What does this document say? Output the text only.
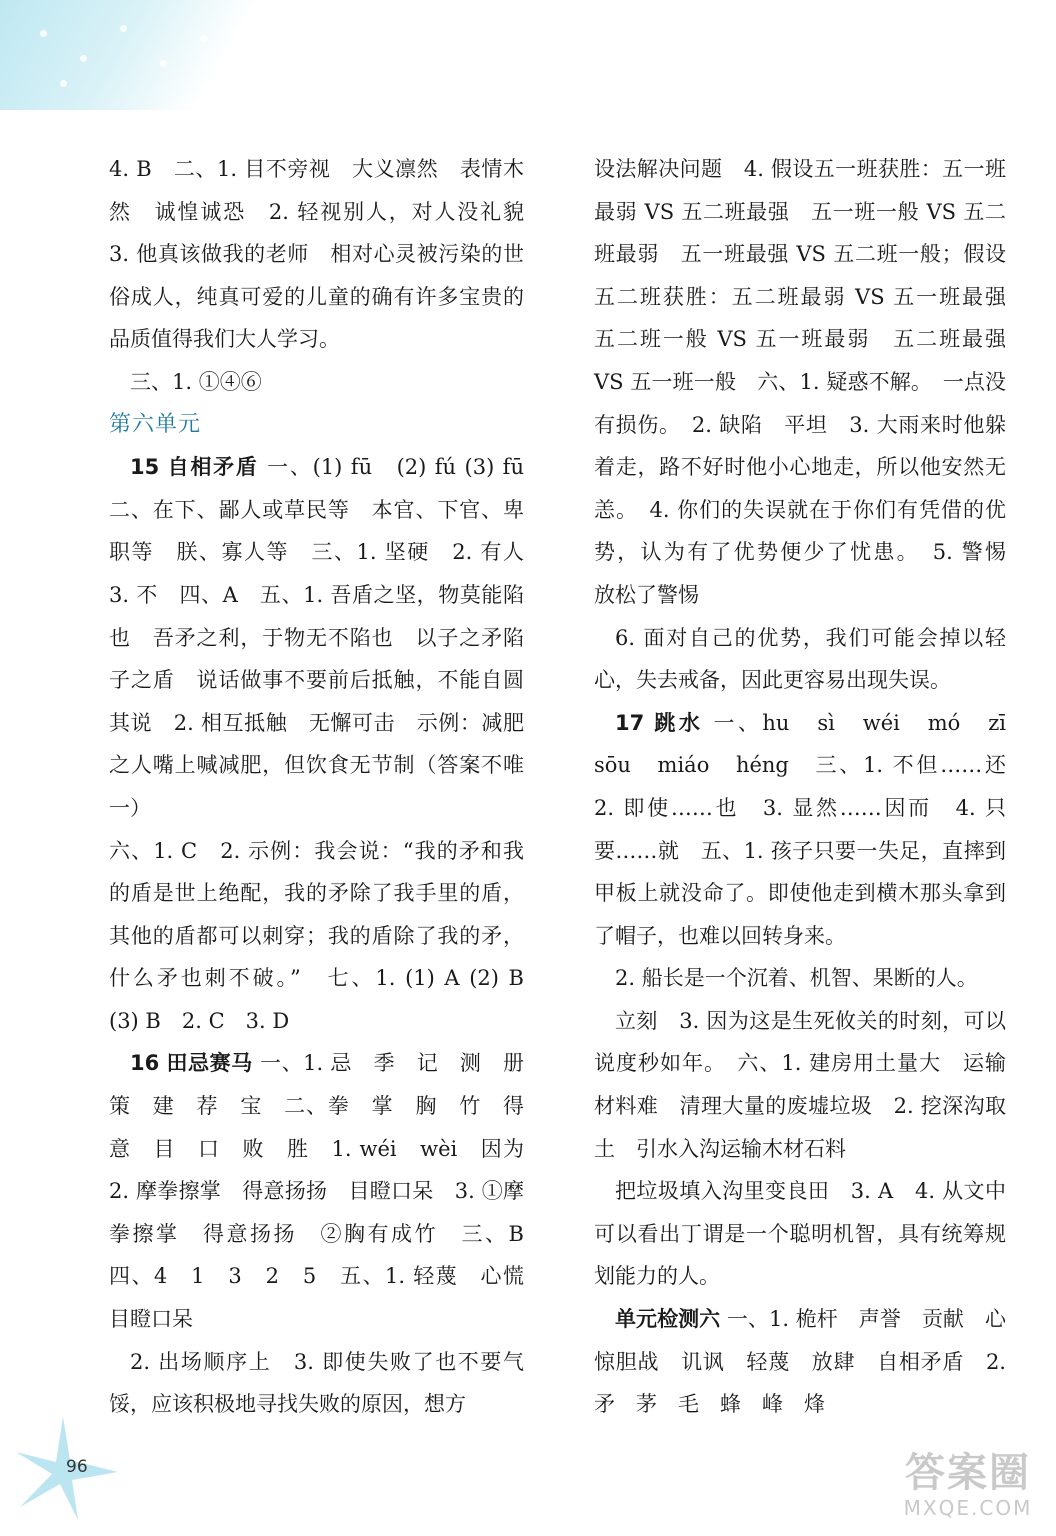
4. B　二、1. 目不旁视　大义凛然　表情木然　诚惶诚恐　2. 轻视别人，对人没礼貌　3. 他真该做我的老师　相对心灵被污染的世俗成人，纯真可爱的儿童的确有许多宝贵的品质值得我们大人学习。

三、1. ①④⑥

第六单元

15 自相矛盾 一、(1) fū　(2) fú (3) fū　二、在下、鄙人或草民等　本官、下官、卑职等　朕、寡人等　三、1. 坚硬　2. 有人　3. 不　四、A　五、1. 吾盾之坚，物莫能陷也　吾矛之利，于物无不陷也　以子之矛陷子之盾　说话做事不要前后抵触，不能自圆其说　2. 相互抵触　无懈可击　示例：减肥之人嘴上喊减肥，但饮食无节制（答案不唯一）

六、1. C　2. 示例：我会说：“我的矛和我的盾是世上绝配，我的矛除了我手里的盾，其他的盾都可以刺穿；我的盾除了我的矛，什么矛也刺不破。”　七、1. (1) A (2) B　(3) B　2. C　3. D

16 田忌赛马 一、1. 忌　季　记　测　册　策　建　荐　宝　二、拳　掌　胸　竹　得　意　目　口　败　胜　1. wéi　wèi　因为　2. 摩拳擦掌　得意扬扬　目瞪口呆　3. ①摩拳擦掌　得意扬扬　②胸有成竹　三、B　四、4　1　3　2　5　五、1. 轻蔑　心慌　目瞪口呆

2. 出场顺序上　3. 即使失败了也不要气馁，应该积极地寻找失败的原因，想方

设法解决问题　4. 假设五一班获胜：五一班最弱 VS 五二班最强　五一班一般 VS 五二班最弱　五一班最强 VS 五二班一般；假设五二班获胜：五二班最弱 VS 五一班最强　五二班一般 VS 五一班最弱　五二班最强 VS 五一班一般　六、1. 疑惑不解。　一点没有损伤。　2. 缺陷　平坦　3. 大雨来时他躲着走，路不好时他小心地走，所以他安然无恙。　4. 你们的失误就在于你们有凭借的优势，认为有了优势便少了忧患。　5. 警惕　放松了警惕

6. 面对自己的优势，我们可能会掉以轻心，失去戒备，因此更容易出现失误。

17 跳水 一、hu　sì　wéi　mó　zī　sōu　miáo　héng　三、1. 不但……还　2. 即使……也　3. 显然……因而　4. 只要……就　五、1. 孩子只要一失足，直摔到甲板上就没命了。即使他走到横木那头拿到了帽子，也难以回转身来。

2. 船长是一个沉着、机智、果断的人。

立刻　3. 因为这是生死攸关的时刻，可以说度秒如年。　六、1. 建房用土量大　运输材料难　清理大量的废墟垃圾　2. 挖深沟取土　引水入沟运输木材石料

把垃圾填入沟里变良田　3. A　4. 从文中可以看出丁谓是一个聪明机智，具有统筹规划能力的人。

单元检测六 一、1. 桅杆　声誉　贡献　心惊胆战　讥讽　轻蔑　放肆　自相矛盾　2. 矛　茅　毛　蜂　峰　烽

96	答案圈
MXQE.COM
